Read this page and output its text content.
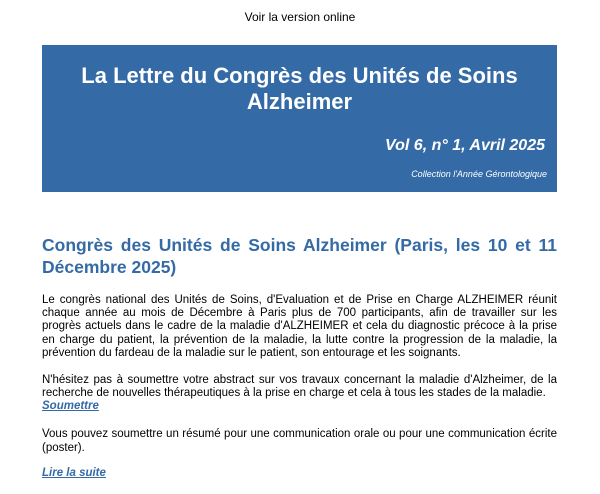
Voir la version online
La Lettre du Congrès des Unités de Soins Alzheimer
Vol 6, n° 1, Avril 2025
Collection l'Année Gérontologique
Congrès des Unités de Soins Alzheimer (Paris, les 10 et 11 Décembre 2025)

Le congrès national des Unités de Soins, d'Evaluation et de Prise en Charge ALZHEIMER réunit chaque année au mois de Décembre à Paris plus de 700 participants, afin de travailler sur les progrès actuels dans le cadre de la maladie d'ALZHEIMER et cela du diagnostic précoce à la prise en charge du patient, la prévention de la maladie, la lutte contre la progression de la maladie, la prévention du fardeau de la maladie sur le patient, son entourage et les soignants.

N'hésitez pas à soumettre votre abstract sur vos travaux concernant la maladie d'Alzheimer, de la recherche de nouvelles thérapeutiques à la prise en charge et cela à tous les stades de la maladie.

Soumettre

Vous pouvez soumettre un résumé pour une communication orale ou pour une communication écrite (poster).

Lire la suite
